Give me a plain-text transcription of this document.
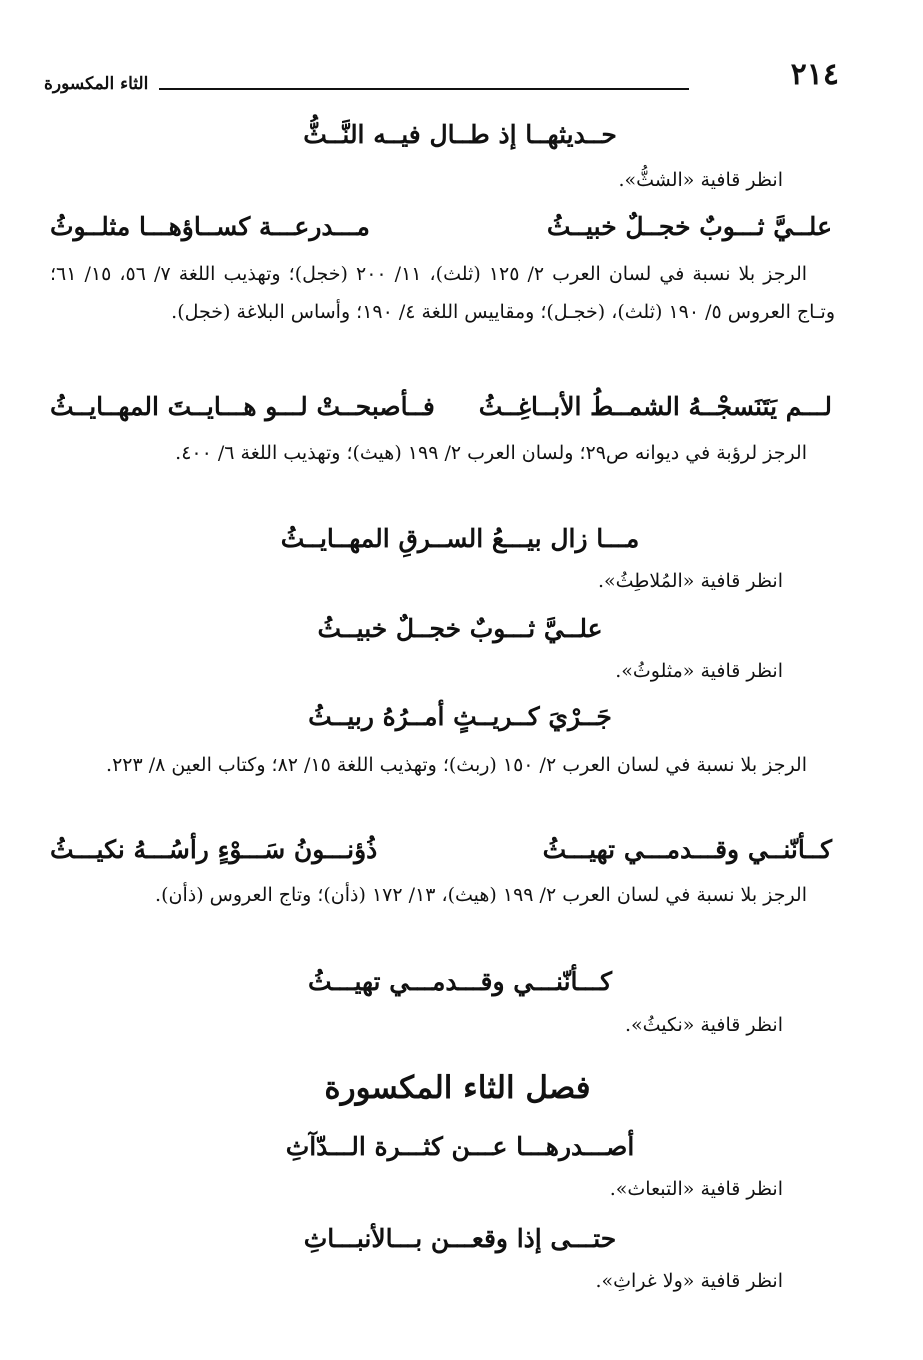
٢١٤
الثاء المكسورة
حــديثهــا إذ طــال فيــه النَّــثُّ
انظر قافية «الشثُّ».
علــيَّ ثـــوبٌ خجــلٌ خبيــثُ
مـــدرعـــة كســاؤهـــا مثلــوثُ
الرجز بلا نسبة في لسان العرب ٢/ ١٢٥ (ثلث)، ١١/ ٢٠٠ (خجل)؛ وتهذيب اللغة ٧/ ٥٦، ١٥/ ٦١؛ وتـاج العروس ٥/ ١٩٠ (ثلث)، (خجـل)؛ ومقاييس اللغة ٤/ ١٩٠؛ وأساس البلاغة (خجل).
لـــم يَتَنَسجْــهُ الشمــطُ الأبــاغِــثُ
فــأصبحــتْ لـــو هـــايــتَ المهــايــثُ
الرجز لرؤبة في ديوانه ص٢٩؛ ولسان العرب ٢/ ١٩٩ (هيث)؛ وتهذيب اللغة ٦/ ٤٠٠.
مـــا زال بيـــعُ الســرقِ المهــايــثُ
انظر قافية «المُلاطِثُ».
علــيَّ ثـــوبٌ خجــلٌ خبيــثُ
انظر قافية «مثلوثُ».
جَــرْيَ كــريــثٍ أمــرُهُ ربيــثُ
الرجز بلا نسبة في لسان العرب ٢/ ١٥٠ (ربث)؛ وتهذيب اللغة ١٥/ ٨٢؛ وكتاب العين ٨/ ٢٢٣.
كــأنّنــي وقـــدمـــي تهيـــثُ
ذُؤنـــونُ سَـــوْءٍ رأسُـــهُ نكيـــثُ
الرجز بلا نسبة في لسان العرب ٢/ ١٩٩ (هيث)، ١٣/ ١٧٢ (ذأن)؛ وتاج العروس (ذأن).
كـــأنّنـــي وقـــدمـــي تهيـــثُ
انظر قافية «نكيثُ».
فصل الثاء المكسورة
أصـــدرهـــا عـــن كثـــرة الـــدّآثِ
انظر قافية «التبعاث».
حتـــى إذا وقعـــن بـــالأنبـــاثِ
انظر قافية «ولا غراثِ».
